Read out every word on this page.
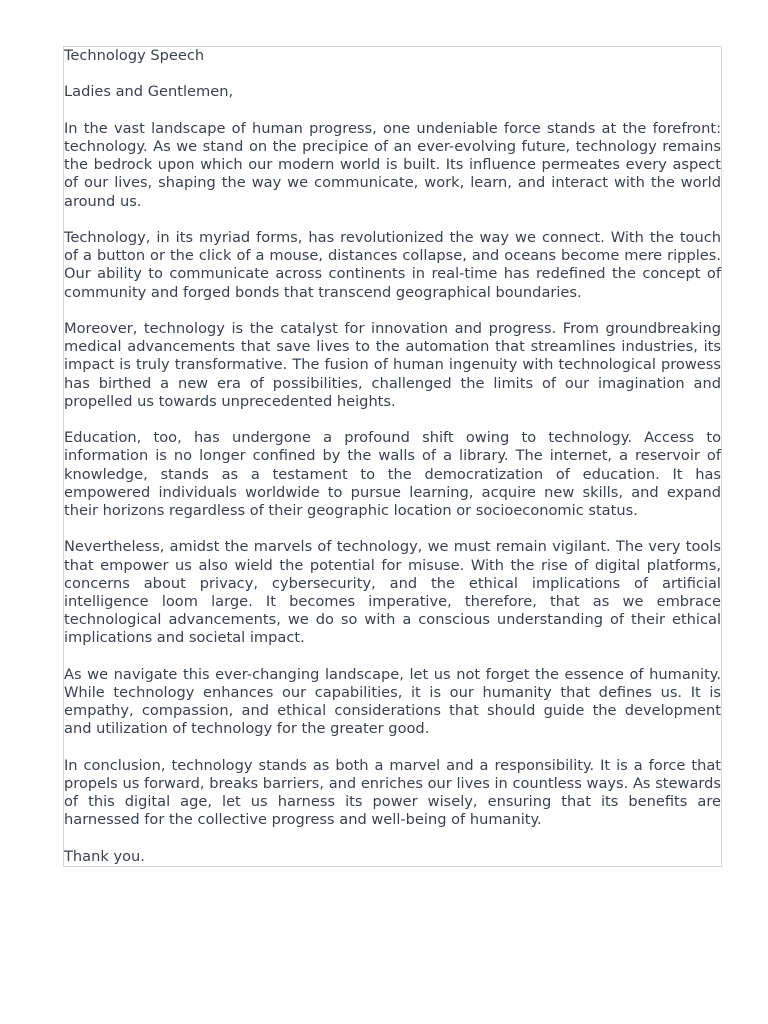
Technology Speech
Ladies and Gentlemen,

In the vast landscape of human progress, one undeniable force stands at the forefront: technology. As we stand on the precipice of an ever-evolving future, technology remains the bedrock upon which our modern world is built. Its influence permeates every aspect of our lives, shaping the way we communicate, work, learn, and interact with the world around us.

Technology, in its myriad forms, has revolutionized the way we connect. With the touch of a button or the click of a mouse, distances collapse, and oceans become mere ripples. Our ability to communicate across continents in real-time has redefined the concept of community and forged bonds that transcend geographical boundaries.

Moreover, technology is the catalyst for innovation and progress. From groundbreaking medical advancements that save lives to the automation that streamlines industries, its impact is truly transformative. The fusion of human ingenuity with technological prowess has birthed a new era of possibilities, challenged the limits of our imagination and propelled us towards unprecedented heights.

Education, too, has undergone a profound shift owing to technology. Access to information is no longer confined by the walls of a library. The internet, a reservoir of knowledge, stands as a testament to the democratization of education. It has empowered individuals worldwide to pursue learning, acquire new skills, and expand their horizons regardless of their geographic location or socioeconomic status.

Nevertheless, amidst the marvels of technology, we must remain vigilant. The very tools that empower us also wield the potential for misuse. With the rise of digital platforms, concerns about privacy, cybersecurity, and the ethical implications of artificial intelligence loom large. It becomes imperative, therefore, that as we embrace technological advancements, we do so with a conscious understanding of their ethical implications and societal impact.

As we navigate this ever-changing landscape, let us not forget the essence of humanity. While technology enhances our capabilities, it is our humanity that defines us. It is empathy, compassion, and ethical considerations that should guide the development and utilization of technology for the greater good.

In conclusion, technology stands as both a marvel and a responsibility. It is a force that propels us forward, breaks barriers, and enriches our lives in countless ways. As stewards of this digital age, let us harness its power wisely, ensuring that its benefits are harnessed for the collective progress and well-being of humanity.

Thank you.
